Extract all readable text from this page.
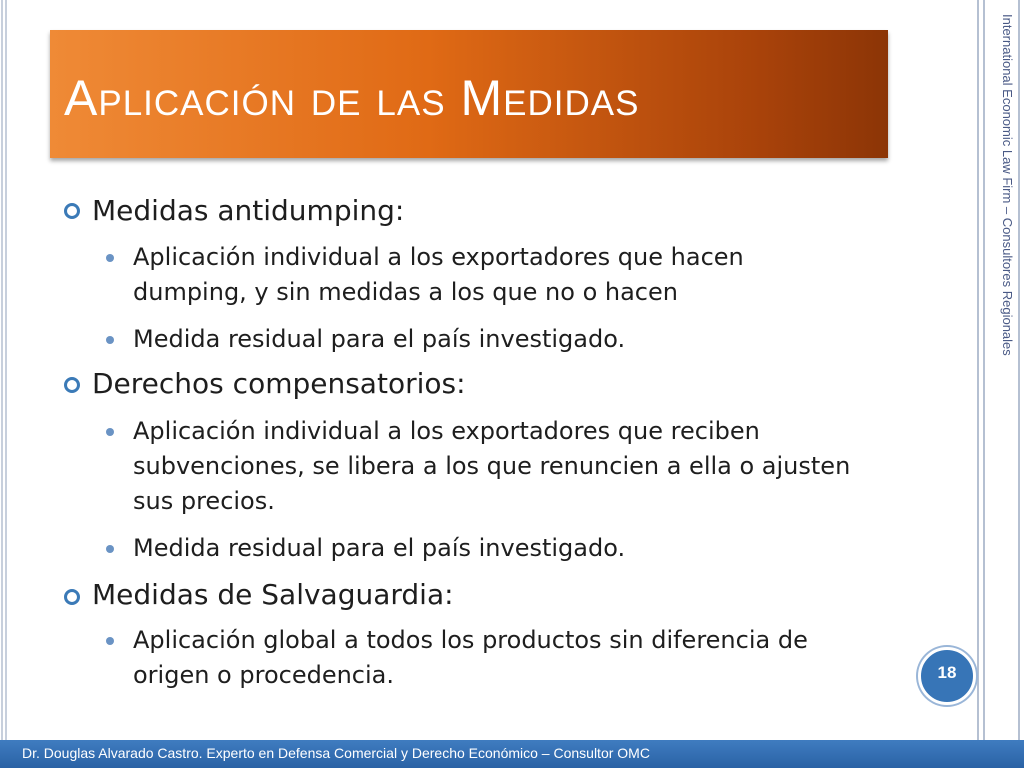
Aplicación de las Medidas
Medidas antidumping:
Aplicación individual a los exportadores que hacen dumping, y sin medidas a los que no o hacen
Medida residual para el país investigado.
Derechos compensatorios:
Aplicación individual a los exportadores que reciben subvenciones, se libera a los que renuncien a ella o ajusten sus precios.
Medida residual para el país investigado.
Medidas de Salvaguardia:
Aplicación global a todos los productos sin diferencia de origen o procedencia.
International Economic Law Firm – Consultores Regionales
18
Dr. Douglas Alvarado Castro. Experto en Defensa Comercial y Derecho Económico – Consultor OMC
